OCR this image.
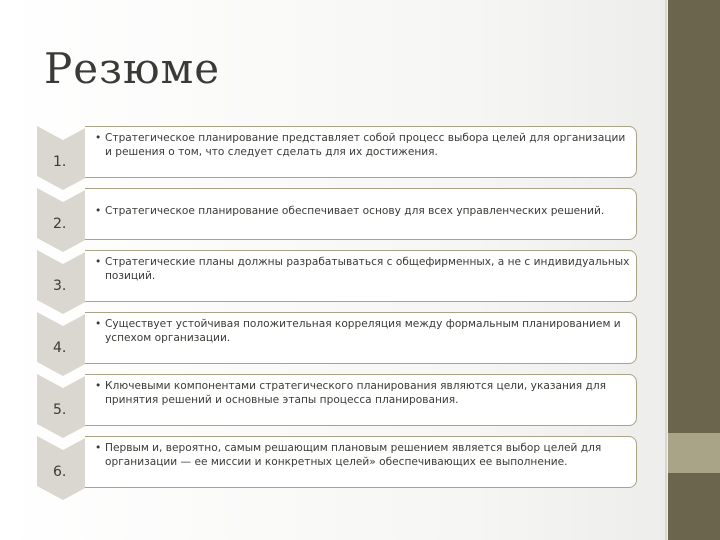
Резюме
1.
• Стратегическое планирование представляет собой процесс выбора целей для организации и решения о том, что следует сделать для их достижения.
2.
• Стратегическое планирование обеспечивает основу для всех управленческих решений.
3.
• Стратегические планы должны разрабатываться с общефирменных, а не с индивидуальных позиций.
4.
• Существует устойчивая положительная корреляция между формальным планированием и успехом организации.
5.
• Ключевыми компонентами стратегического планирования являются цели, указания для принятия решений и основные этапы процесса планирования.
6.
• Первым и, вероятно, самым решающим плановым решением является выбор целей для организации — ее миссии и конкретных целей» обеспечивающих ее выполнение.
